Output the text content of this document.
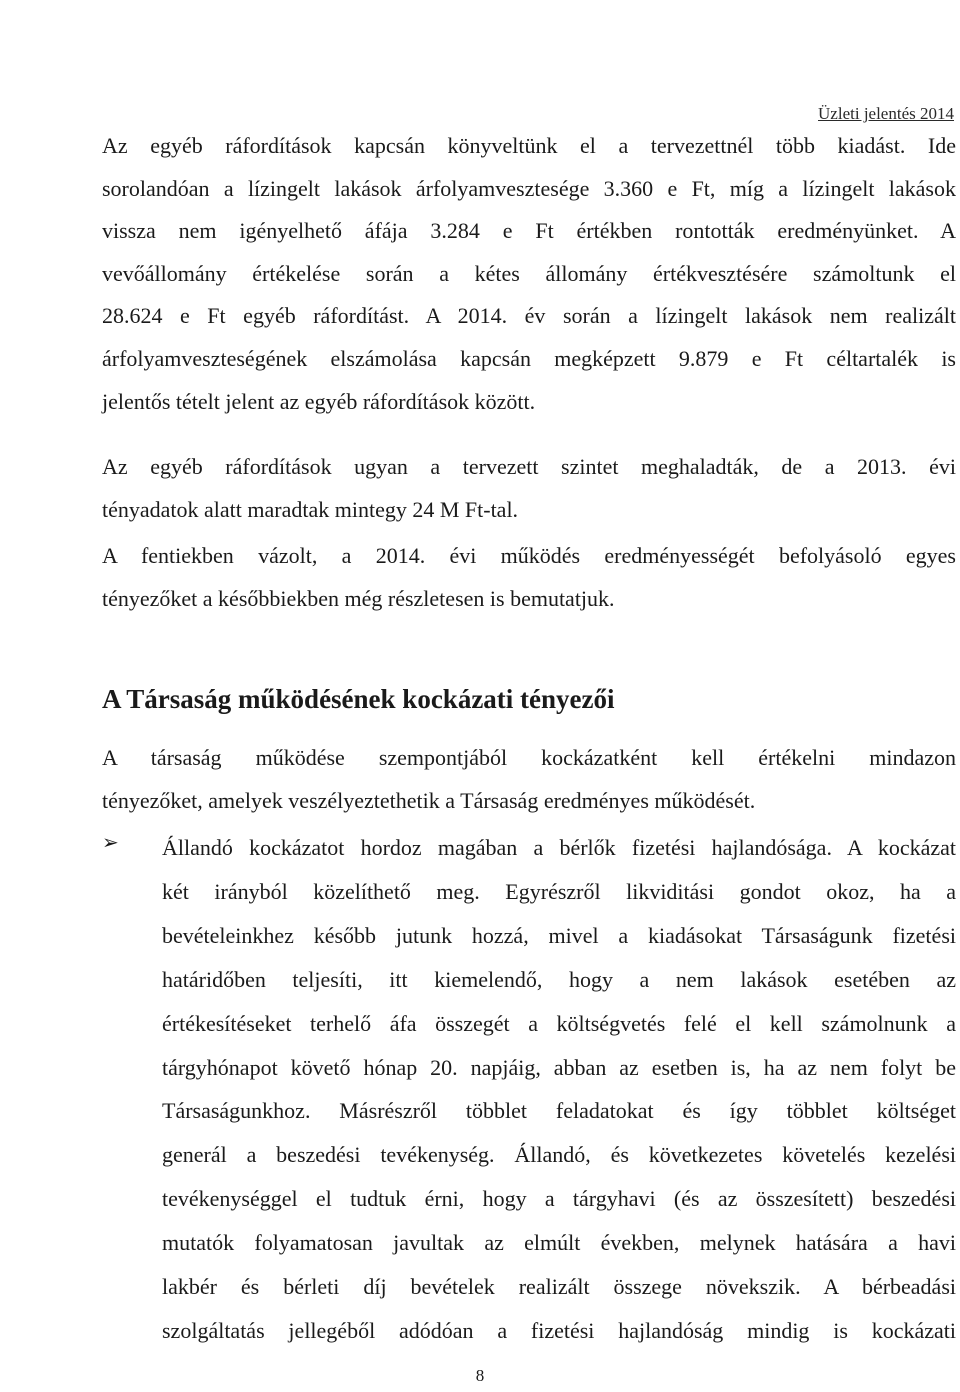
Üzleti jelentés 2014
Az egyéb ráfordítások kapcsán könyveltünk el a tervezettnél több kiadást. Ide
sorolandóan a lízingelt lakások árfolyamvesztesége 3.360 e Ft, míg a lízingelt lakások
vissza nem igényelhető áfája 3.284 e Ft értékben rontották eredményünket. A
vevőállomány értékelése során a kétes állomány értékvesztésére számoltunk el
28.624 e Ft egyéb ráfordítást. A 2014. év során a lízingelt lakások nem realizált
árfolyamveszteségének elszámolása kapcsán megképzett 9.879 e Ft céltartalék is
jelentős tételt jelent az egyéb ráfordítások között.
Az egyéb ráfordítások ugyan a tervezett szintet meghaladták, de a 2013. évi
tényadatok alatt maradtak mintegy 24 M Ft-tal.
A fentiekben vázolt, a 2014. évi működés eredményességét befolyásoló egyes
tényezőket a későbbiekben még részletesen is bemutatjuk.
A Társaság működésének kockázati tényezői
A társaság működése szempontjából kockázatként kell értékelni mindazon
tényezőket, amelyek veszélyeztethetik a Társaság eredményes működését.
➢ Állandó kockázatot hordoz magában a bérlők fizetési hajlandósága. A kockázat
két irányból közelíthető meg. Egyrészről likviditási gondot okoz, ha a
bevételeinkhez később jutunk hozzá, mivel a kiadásokat Társaságunk fizetési
határidőben teljesíti, itt kiemelendő, hogy a nem lakások esetében az
értékesítéseket terhelő áfa összegét a költségvetés felé el kell számolnunk a
tárgyhónapot követő hónap 20. napjáig, abban az esetben is, ha az nem folyt be
Társaságunkhoz. Másrészről többlet feladatokat és így többlet költséget
generál a beszedési tevékenység. Állandó, és következetes követelés kezelési
tevékenységgel el tudtuk érni, hogy a tárgyhavi (és az összesített) beszedési
mutatók folyamatosan javultak az elmúlt években, melynek hatására a havi
lakbér és bérleti díj bevételek realizált összege növekszik. A bérbeadási
szolgáltatás jellegéből adódóan a fizetési hajlandóság mindig is kockázati
8
